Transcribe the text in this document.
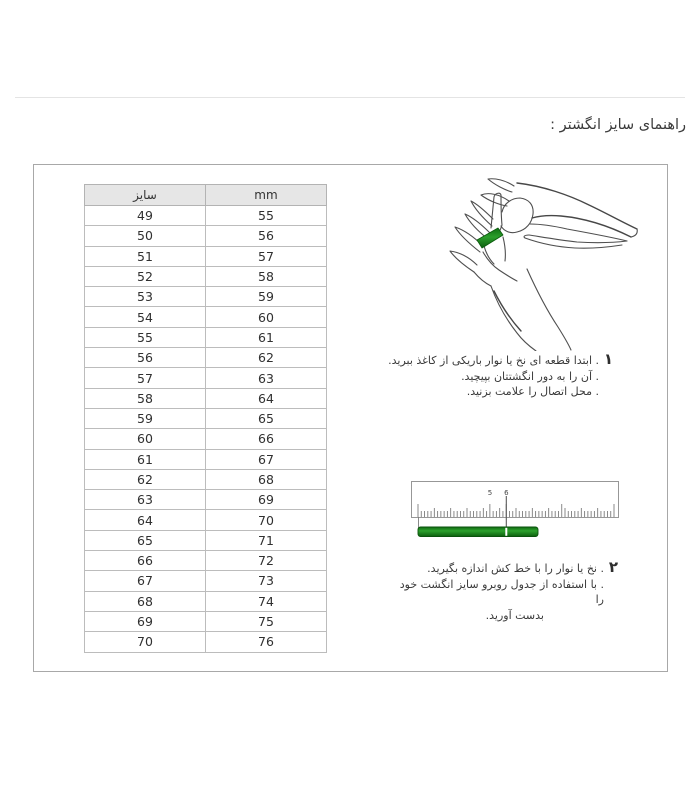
راهنمای سایز انگشتر :
سایز	mm
49	55
50	56
51	57
52	58
53	59
54	60
55	61
56	62
57	63
58	64
59	65
60	66
61	67
62	68
63	69
64	70
65	71
66	72
67	73
68	74
69	75
70	76
۱
. ابتدا قطعه ای نخ یا نوار باریکی از کاغذ ببرید.
. آن را به دور انگشتتان بپیچید.
. محل اتصال را علامت بزنید.
5 6
۲
. نخ یا نوار را با خط کش اندازه بگیرید.
. با استفاده از جدول روبرو سایز انگشت خود را
بدست آورید.
